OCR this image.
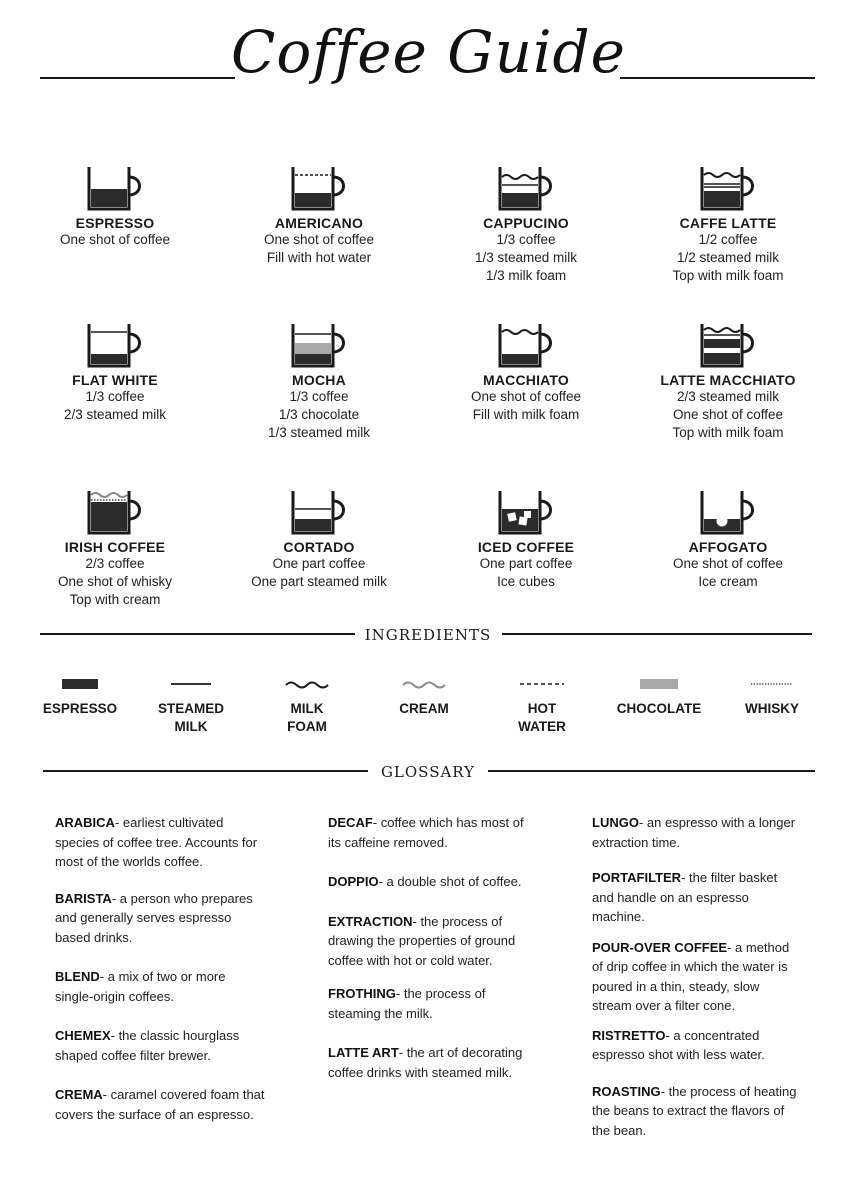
Coffee Guide
ESPRESSO
One shot of coffee
AMERICANO
One shot of coffee
Fill with hot water
CAPPUCINO
1/3 coffee
1/3 steamed milk
1/3 milk foam
CAFFE LATTE
1/2 coffee
1/2 steamed milk
Top with milk foam
FLAT WHITE
1/3 coffee
2/3 steamed milk
MOCHA
1/3 coffee
1/3 chocolate
1/3 steamed milk
MACCHIATO
One shot of coffee
Fill with milk foam
LATTE MACCHIATO
2/3 steamed milk
One shot of coffee
Top with milk foam
IRISH COFFEE
2/3 coffee
One shot of whisky
Top with cream
CORTADO
One part coffee
One part steamed milk
ICED COFFEE
One part coffee
Ice cubes
AFFOGATO
One shot of coffee
Ice cream
INGREDIENTS
ESPRESSO	STEAMED
MILK
MILK
FOAM
CREAM	HOT
WATER
CHOCOLATE	WHISKY
GLOSSARY
ARABICA- earliest cultivated species of coffee tree. Accounts for most of the worlds coffee.
BARISTA- a person who prepares and generally serves espresso based drinks.
BLEND- a mix of two or more single-origin coffees.
CHEMEX- the classic hourglass shaped coffee filter brewer.
CREMA- caramel covered foam that covers the surface of an espresso.
DECAF- coffee which has most of its caffeine removed.
DOPPIO- a double shot of coffee.
EXTRACTION- the process of drawing the properties of ground coffee with hot or cold water.
FROTHING- the process of steaming the milk.
LATTE ART- the art of decorating coffee drinks with steamed milk.
LUNGO- an espresso with a longer extraction time.
PORTAFILTER- the filter basket and handle on an espresso machine.
POUR-OVER COFFEE- a method of drip coffee in which the water is poured in a thin, steady, slow stream over a filter cone.
RISTRETTO- a concentrated espresso shot with less water.
ROASTING- the process of heating the beans to extract the flavors of the bean.
